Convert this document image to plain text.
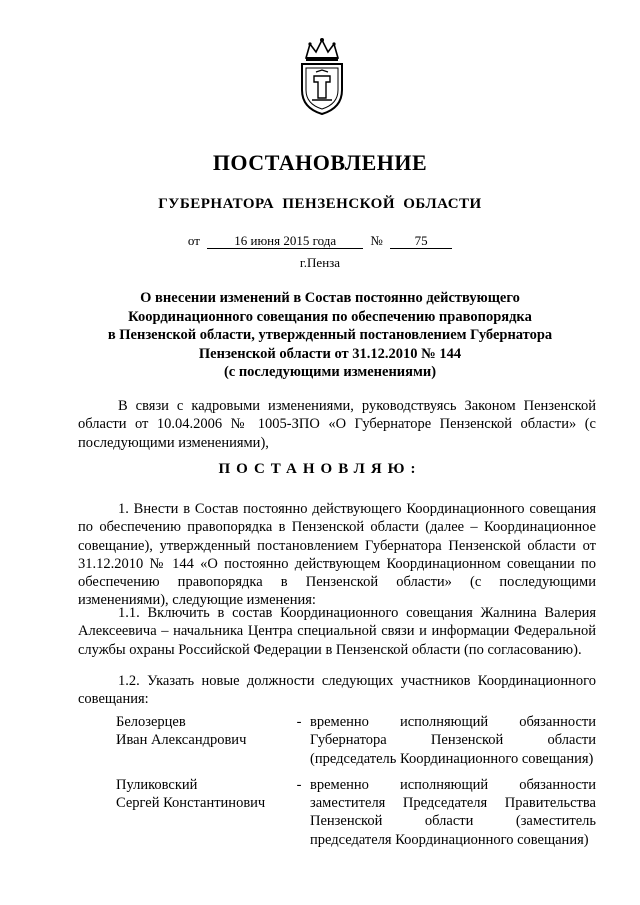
ПОСТАНОВЛЕНИЕ
ГУБЕРНАТОРА ПЕНЗЕНСКОЙ ОБЛАСТИ
от	16 июня 2015 года	№ 75
г.Пенза
О внесении изменений в Состав постоянно действующего
Координационного совещания по обеспечению правопорядка
в Пензенской области, утвержденный постановлением Губернатора
Пензенской области от 31.12.2010 № 144
(с последующими изменениями)
В связи с кадровыми изменениями, руководствуясь Законом Пензенской области от 10.04.2006 № 1005-ЗПО «О Губернаторе Пензенской области» (с последующими изменениями),
ПОСТАНОВЛЯЮ:
1. Внести в Состав постоянно действующего Координационного совещания по обеспечению правопорядка в Пензенской области (далее – Координационное совещание), утвержденный постановлением Губернатора Пензенской области от 31.12.2010 № 144 «О постоянно действующем Координационном совещании по обеспечению правопорядка в Пензенской области» (с последующими изменениями), следующие изменения:
1.1. Включить в состав Координационного совещания Жалнина Валерия Алексеевича – начальника Центра специальной связи и информации Федеральной службы охраны Российской Федерации в Пензенской области (по согласованию).
1.2. Указать новые должности следующих участников Координационного совещания:
Белозерцев
Иван Александрович
- временно исполняющий обязанности Губернатора Пензенской области (председатель Координационного совещания)
Пуликовский
Сергей Константинович
- временно исполняющий обязанности заместителя Председателя Правительства Пензенской области (заместитель председателя Координационного совещания)
